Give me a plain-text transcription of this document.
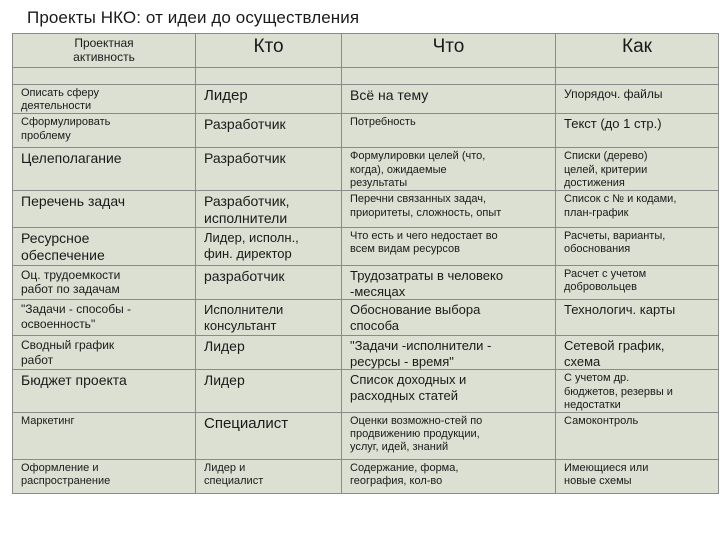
Проекты НКО: от идеи до осуществления
Проектная
активность	Кто	Что	Как

Описать сферу
деятельности	Лидер	Всё на тему	Упорядоч. файлы

Сформулировать
проблему	Разработчик	Потребность	Текст (до 1 стр.)

Целеполагание	Разработчик	Формулировки целей (что,
когда), ожидаемые
результаты	Списки (дерево)
целей, критерии
достижения

Перечень задач	Разработчик,
исполнители	Перечни связанных задач,
приоритеты, сложность, опыт	Список с № и кодами,
план-график

Ресурсное
обеспечение	Лидер, исполн.,
фин. директор	Что есть и чего недостает во
всем видам ресурсов	Расчеты, варианты,
обоснования

Оц. трудоемкости
работ по задачам	разработчик	Трудозатраты в человеко
-месяцах	Расчет с учетом
добровольцев

"Задачи - способы -
освоенность"	Исполнители
консультант	Обоснование выбора
способа	Технологич. карты

Сводный график
работ	Лидер	"Задачи -исполнители -
ресурсы - время"	Сетевой график,
схема

Бюджет проекта	Лидер	Список доходных и
расходных статей	С учетом др.
бюджетов, резервы и
недостатки

Маркетинг	Специалист	Оценки возможно-стей по
продвижению продукции,
услуг, идей, знаний	Самоконтроль

Оформление и
распространение	Лидер и
специалист	Содержание, форма,
география, кол-во	Имеющиеся или
новые схемы
